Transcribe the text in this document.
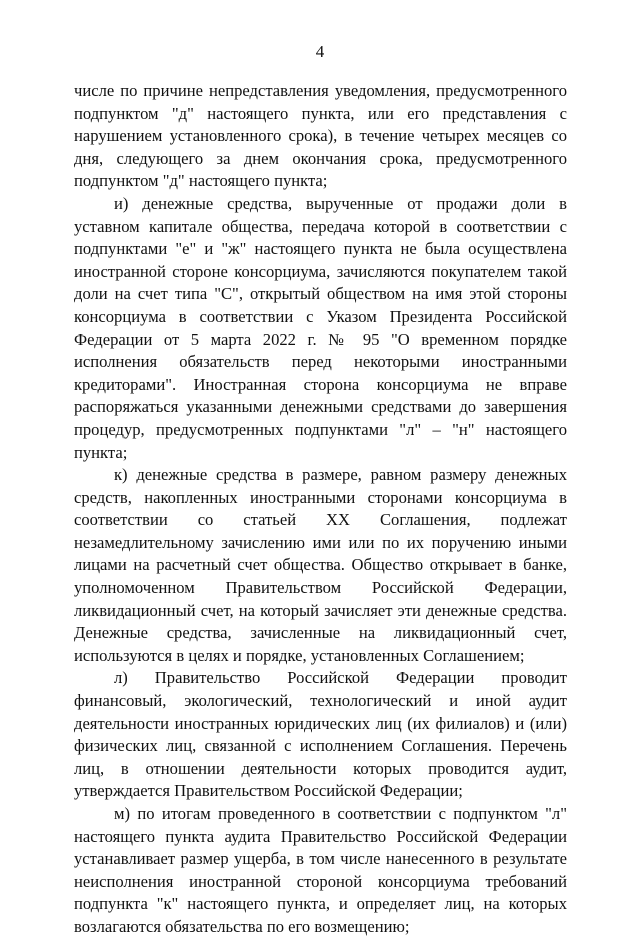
4

числе по причине непредставления уведомления, предусмотренного подпунктом "д" настоящего пункта, или его представления с нарушением установленного срока), в течение четырех месяцев со дня, следующего за днем окончания срока, предусмотренного подпунктом "д" настоящего пункта;

и) денежные средства, вырученные от продажи доли в уставном капитале общества, передача которой в соответствии с подпунктами "е" и "ж" настоящего пункта не была осуществлена иностранной стороне консорциума, зачисляются покупателем такой доли на счет типа "С", открытый обществом на имя этой стороны консорциума в соответствии с Указом Президента Российской Федерации от 5 марта 2022 г. № 95 "О временном порядке исполнения обязательств перед некоторыми иностранными кредиторами". Иностранная сторона консорциума не вправе распоряжаться указанными денежными средствами до завершения процедур, предусмотренных подпунктами "л" – "н" настоящего пункта;

к) денежные средства в размере, равном размеру денежных средств, накопленных иностранными сторонами консорциума в соответствии со статьей XX Соглашения, подлежат незамедлительному зачислению ими или по их поручению иными лицами на расчетный счет общества. Общество открывает в банке, уполномоченном Правительством Российской Федерации, ликвидационный счет, на который зачисляет эти денежные средства. Денежные средства, зачисленные на ликвидационный счет, используются в целях и порядке, установленных Соглашением;

л) Правительство Российской Федерации проводит финансовый, экологический, технологический и иной аудит деятельности иностранных юридических лиц (их филиалов) и (или) физических лиц, связанной с исполнением Соглашения. Перечень лиц, в отношении деятельности которых проводится аудит, утверждается Правительством Российской Федерации;

м) по итогам проведенного в соответствии с подпунктом "л" настоящего пункта аудита Правительство Российской Федерации устанавливает размер ущерба, в том числе нанесенного в результате неисполнения иностранной стороной консорциума требований подпункта "к" настоящего пункта, и определяет лиц, на которых возлагаются обязательства по его возмещению;
